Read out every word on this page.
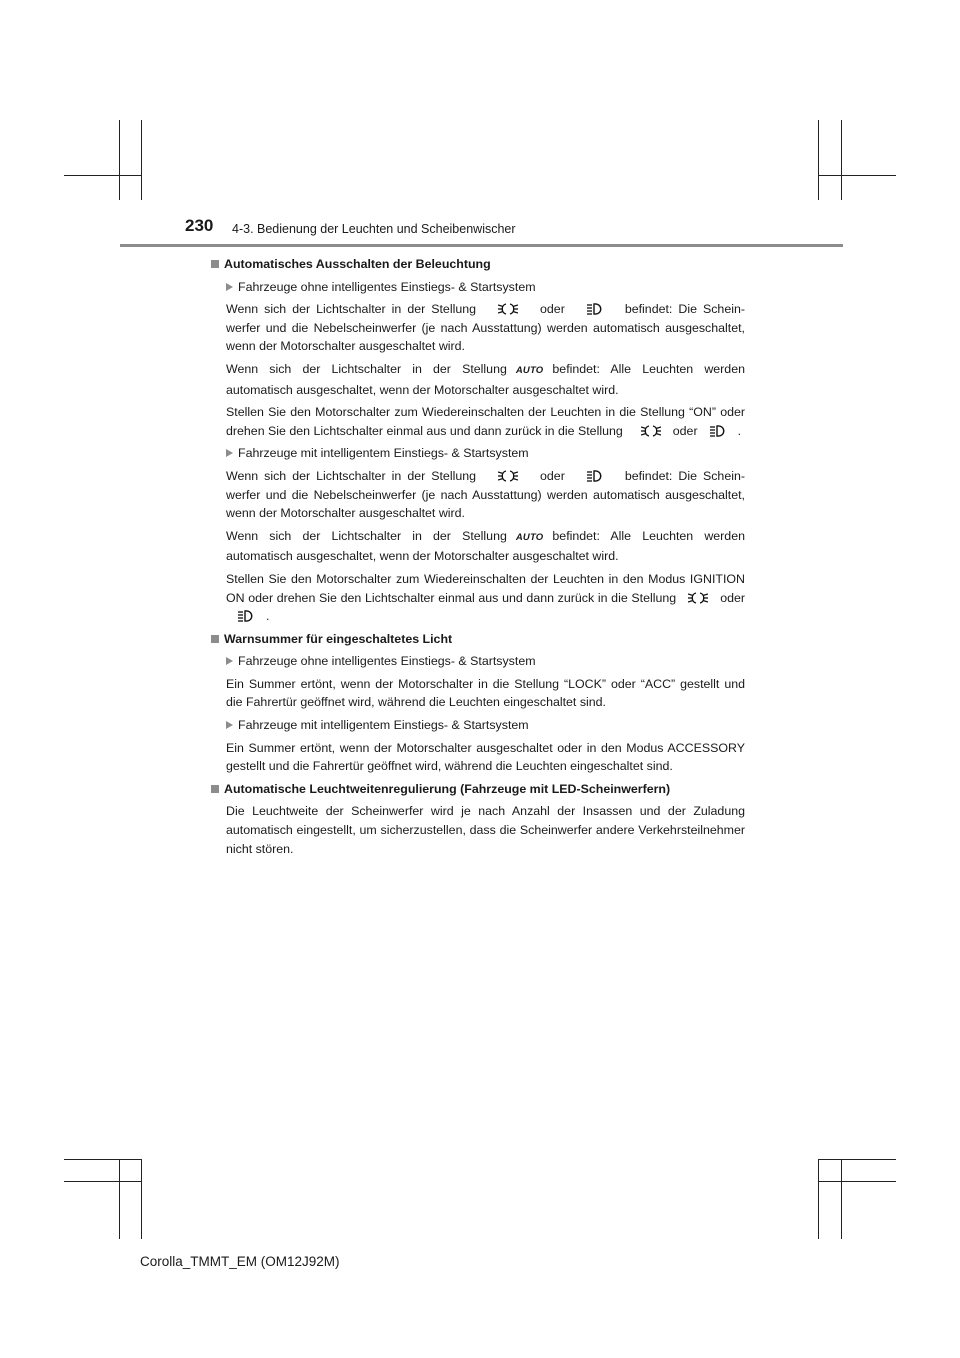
230 4-3. Bedienung der Leuchten und Scheibenwischer
Automatisches Ausschalten der Beleuchtung
Fahrzeuge ohne intelligentes Einstiegs- & Startsystem
Wenn sich der Lichtschalter in der Stellung	oder	befindet: Die Scheinwerfer und die Nebelscheinwerfer (je nach Ausstattung) werden automatisch ausgeschaltet, wenn der Motorschalter ausgeschaltet wird.
Wenn sich der Lichtschalter in der Stellung AUTO befindet: Alle Leuchten werden automatisch ausgeschaltet, wenn der Motorschalter ausgeschaltet wird.
Stellen Sie den Motorschalter zum Wiedereinschalten der Leuchten in die Stellung “ON” oder drehen Sie den Lichtschalter einmal aus und dann zurück in die Stellung	oder	.
Fahrzeuge mit intelligentem Einstiegs- & Startsystem
Wenn sich der Lichtschalter in der Stellung	oder	befindet: Die Scheinwerfer und die Nebelscheinwerfer (je nach Ausstattung) werden automatisch ausgeschaltet, wenn der Motorschalter ausgeschaltet wird.
Wenn sich der Lichtschalter in der Stellung AUTO befindet: Alle Leuchten werden automatisch ausgeschaltet, wenn der Motorschalter ausgeschaltet wird.
Stellen Sie den Motorschalter zum Wiedereinschalten der Leuchten in den Modus IGNITION ON oder drehen Sie den Lichtschalter einmal aus und dann zurück in die Stellung	oder
.
Warnsummer für eingeschaltetes Licht
Fahrzeuge ohne intelligentes Einstiegs- & Startsystem
Ein Summer ertönt, wenn der Motorschalter in die Stellung “LOCK” oder “ACC” gestellt und die Fahrertür geöffnet wird, während die Leuchten eingeschaltet sind.
Fahrzeuge mit intelligentem Einstiegs- & Startsystem
Ein Summer ertönt, wenn der Motorschalter ausgeschaltet oder in den Modus ACCESSORY gestellt und die Fahrertür geöffnet wird, während die Leuchten eingeschaltet sind.
Automatische Leuchtweitenregulierung (Fahrzeuge mit LED-Scheinwerfern)
Die Leuchtweite der Scheinwerfer wird je nach Anzahl der Insassen und der Zuladung automatisch eingestellt, um sicherzustellen, dass die Scheinwerfer andere Verkehrsteilnehmer nicht stören.
Corolla_TMMT_EM (OM12J92M)
